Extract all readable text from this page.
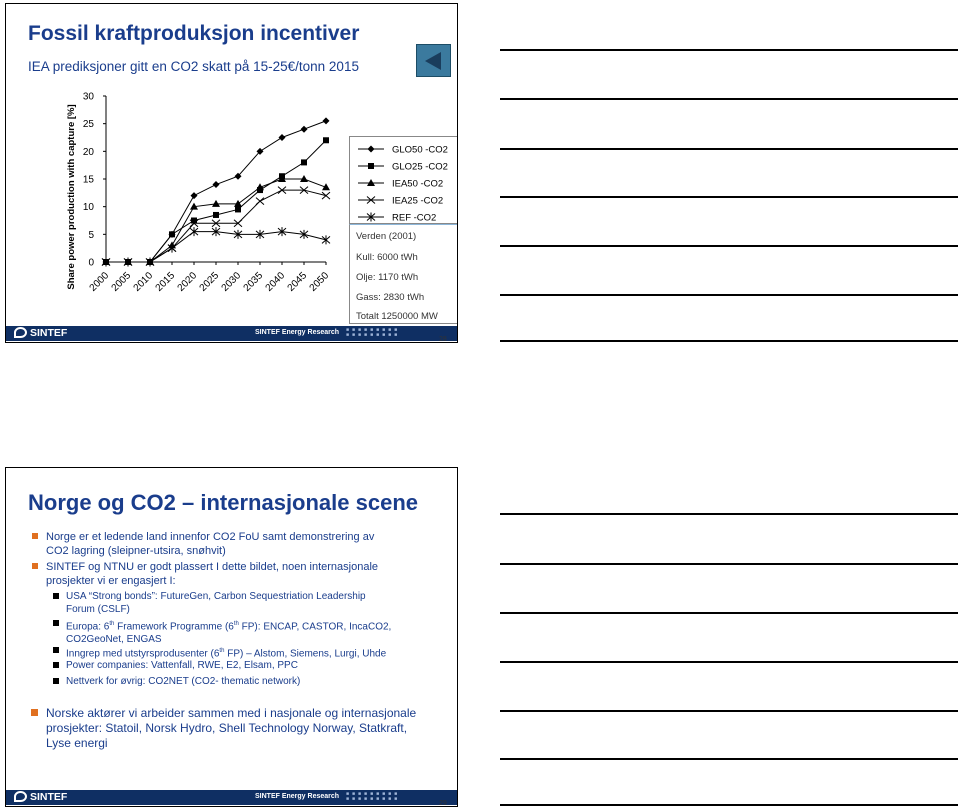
Fossil kraftproduksjon incentiver
IEA prediksjoner gitt en CO2 skatt på 15-25€/tonn 2015
0
5
10
15
20
25
30
2000
2005
2010
2015
2020
2025
2030
2035
2040
2045
2050
Share power production with capture [%]	GLO50 -CO2
GLO25 -CO2
IEA50 -CO2
IEA25 -CO2
REF -CO2
Verden (2001)
Kull: 6000 tWh
Olje: 1170 tWh
Gass: 2830 tWh
Totalt 1250000 MW
SINTEF	SINTEF Energy Research ■■■■■■■■■
■■■■■■■■■
28
Norge og CO2 – internasjonale scene
Norge er et ledende land innenfor CO2 FoU samt demonstrering av
CO2 lagring (sleipner-utsira, snøhvit)
SINTEF og NTNU er godt plassert I dette bildet, noen internasjonale
prosjekter vi er engasjert I:
USA “Strong bonds”: FutureGen, Carbon Sequestriation Leadership
Forum (CSLF)
Europa: 6th Framework Programme (6th FP): ENCAP, CASTOR, IncaCO2,
CO2GeoNet, ENGAS
Inngrep med utstyrsprodusenter (6th FP) – Alstom, Siemens, Lurgi, Uhde
Power companies: Vattenfall, RWE, E2, Elsam, PPC
Nettverk for øvrig: CO2NET (CO2- thematic network)
Norske aktører vi arbeider sammen med i nasjonale og internasjonale
prosjekter: Statoil, Norsk Hydro, Shell Technology Norway, Statkraft,
Lyse energi
SINTEF	SINTEF Energy Research ■■■■■■■■■
■■■■■■■■■
29
